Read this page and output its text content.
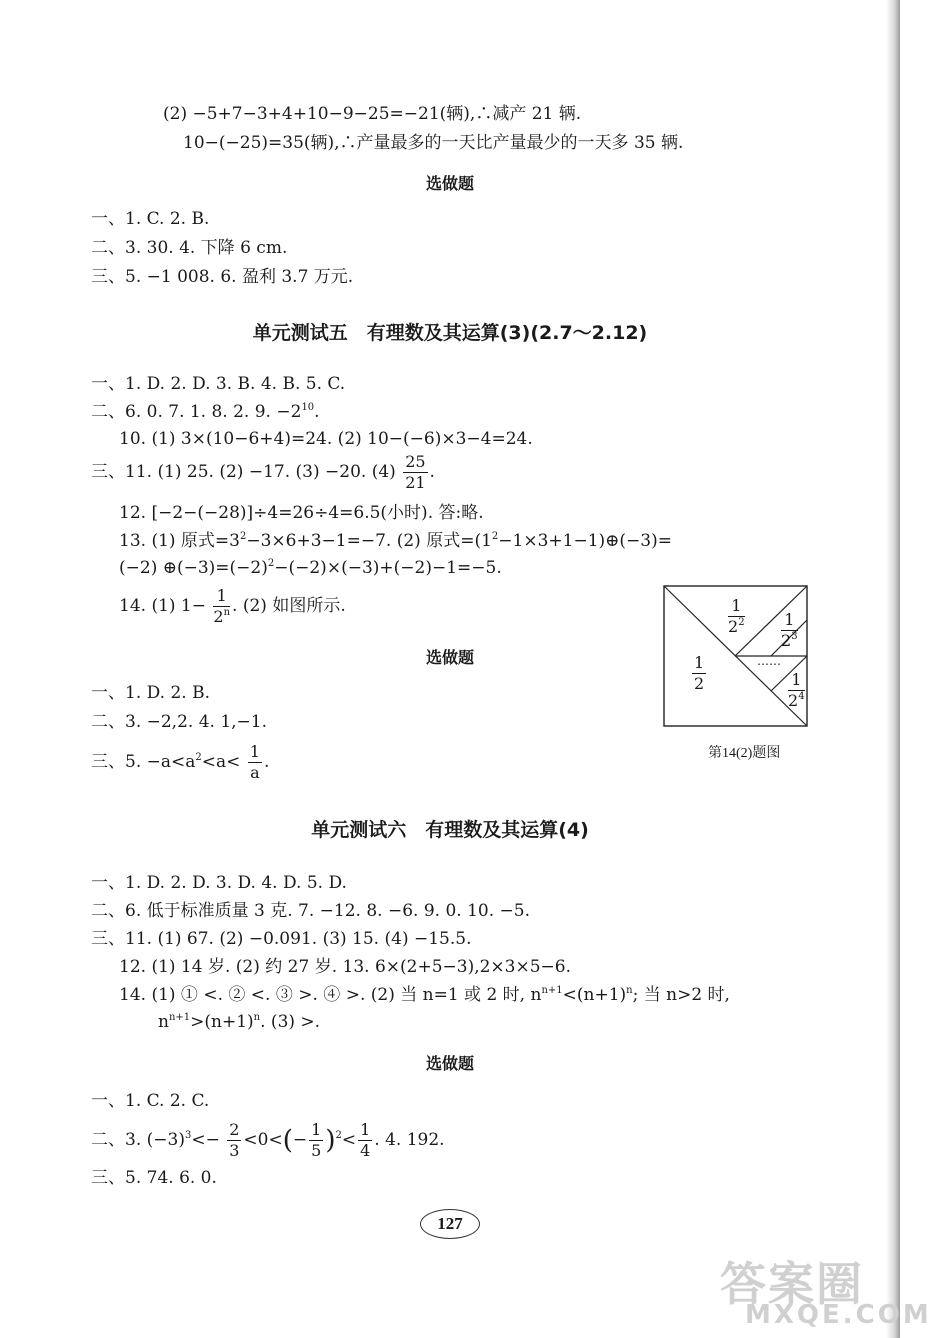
(2) −5+7−3+4+10−9−25=−21(辆),∴减产 21 辆.
10−(−25)=35(辆),∴产量最多的一天比产量最少的一天多 35 辆.
选做题
一、1. C. 2. B.
二、3. 30. 4. 下降 6 cm.
三、5. −1 008. 6. 盈利 3.7 万元.
单元测试五　有理数及其运算(3)(2.7～2.12)
一、1. D. 2. D. 3. B. 4. B. 5. C.
二、6. 0. 7. 1. 8. 2. 9. $-2^{10}$.
10. (1) 3×(10−6+4)=24. (2) 10−(−6)×3−4=24.
三、11. (1) 25. (2) −17. (3) −20. $(4) \frac{25}{21}$ .
12. [−2−(−28)]÷4=26÷4=6.5(小时). 答:略.
13. (1) 原式$=3^2-3\times 6+3-1=-7$. (2) 原式$=(1^2-1\times 3+1-1)\oplus(-3)=$
(−2) $\oplus(-3)=(-2)^2-(-2)\times(-3)+(-2)-1=-5$.
14. (1) $1- \frac{1}{2^n}$ . (2) 如图所示.
$\frac{1}{2}$
$\frac{1}{2^2} \frac{1}{2^3}$
……
$\frac{1}{2^4}$
第14(2)题图
选做题
一、1. D. 2. B.
二、3. −2,2. 4. 1,−1.
三、5. $-a<a^2<a< \frac{1}{a}$ .
单元测试六　有理数及其运算(4)
一、1. D. 2. D. 3. D. 4. D. 5. D.
二、6. 低于标准质量 3 克. 7. −12. 8. −6. 9. 0. 10. −5.
三、11. (1) 67. (2) −0.091. (3) 15. (4) −15.5.
12. (1) 14 岁. (2) 约 27 岁. 13. 6×(2+5−3),2×3×5−6.
14. (1) ① <. ② <. ③ >. ④ >. (2) 当 n=1 或 2 时, $n^{n+1}<(n+1)^n$; 当 n>2 时,
$n^{n+1}>(n+1)^n$. (3) >.
选做题
一、1. C. 2. C.
二、3. $(-3)^3<- \frac{2}{3} <0<(- \frac{1}{5} )^2< \frac{1}{4}$ . 4. 192.
三、5. 74. 6. 0.
127
答案圈
MXQE.COM
